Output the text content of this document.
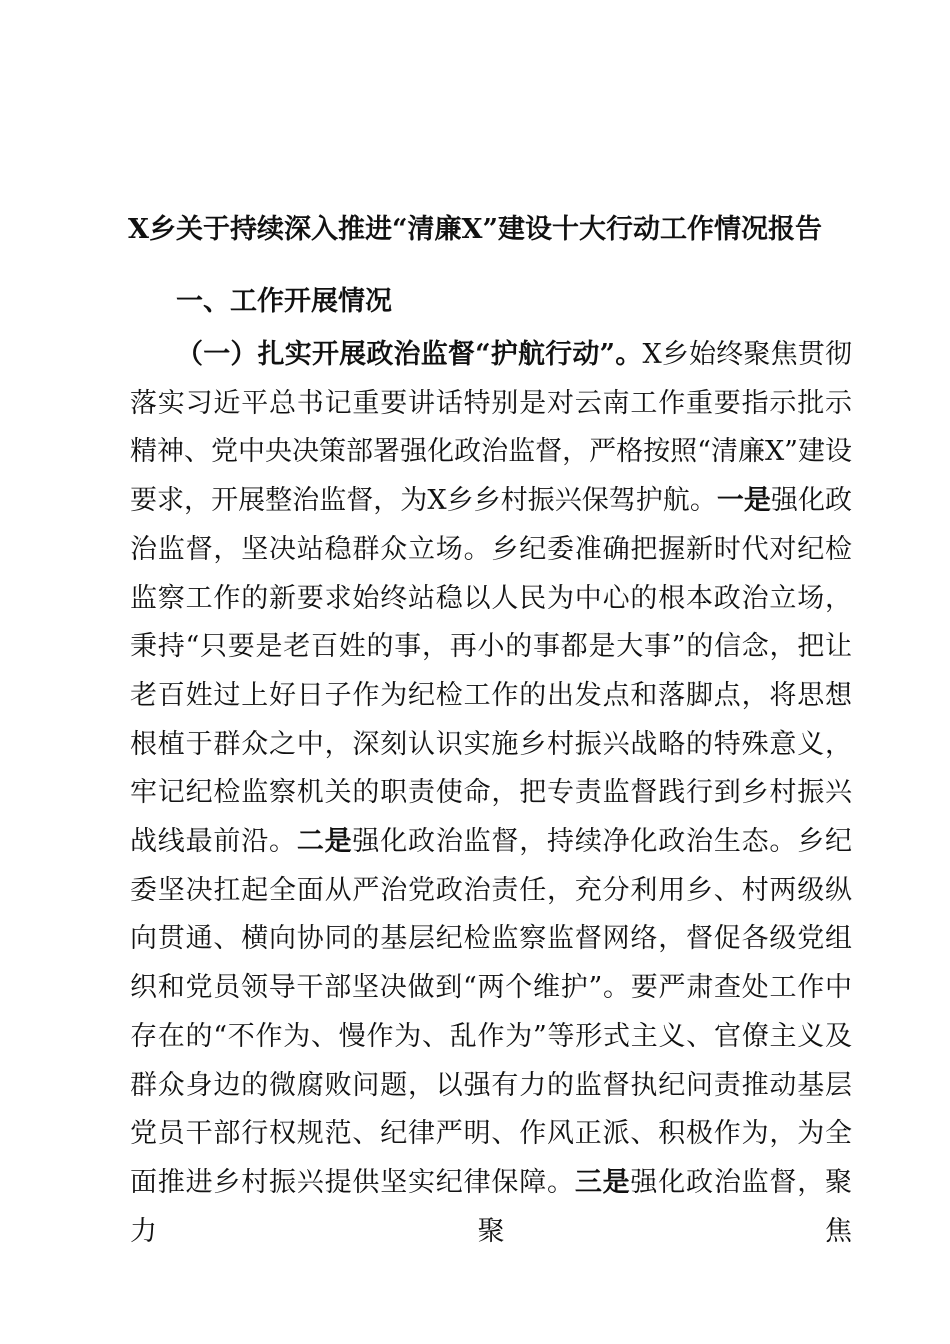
X乡关于持续深入推进“清廉X”建设十大行动工作情况报告
一、工作开展情况
（一）扎实开展政治监督“护航行动”。X乡始终聚焦贯彻落实习近平总书记重要讲话特别是对云南工作重要指示批示精神、党中央决策部署强化政治监督，严格按照“清廉X”建设要求，开展整治监督，为X乡乡村振兴保驾护航。一是强化政治监督，坚决站稳群众立场。乡纪委准确把握新时代对纪检监察工作的新要求始终站稳以人民为中心的根本政治立场，秉持“只要是老百姓的事，再小的事都是大事”的信念，把让老百姓过上好日子作为纪检工作的出发点和落脚点，将思想根植于群众之中，深刻认识实施乡村振兴战略的特殊意义，牢记纪检监察机关的职责使命，把专责监督践行到乡村振兴战线最前沿。二是强化政治监督，持续净化政治生态。乡纪委坚决扛起全面从严治党政治责任，充分利用乡、村两级纵向贯通、横向协同的基层纪检监察监督网络，督促各级党组织和党员领导干部坚决做到“两个维护”。要严肃查处工作中存在的“不作为、慢作为、乱作为”等形式主义、官僚主义及群众身边的微腐败问题，以强有力的监督执纪问责推动基层党员干部行权规范、纪律严明、作风正派、积极作为，为全面推进乡村振兴提供坚实纪律保障。三是强化政治监督，聚力聚焦
